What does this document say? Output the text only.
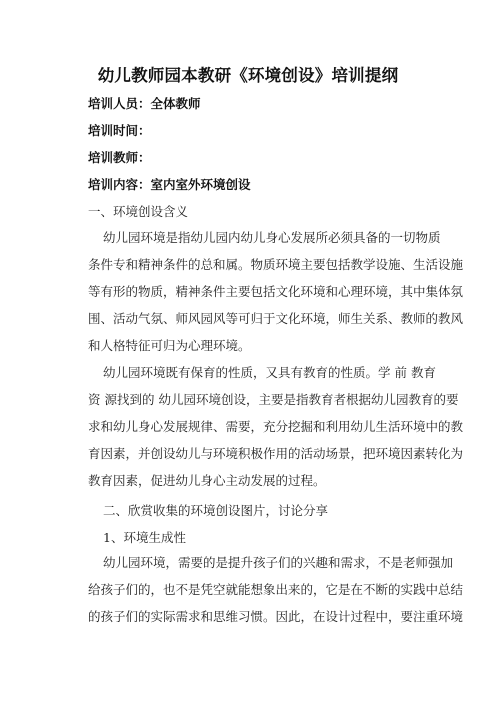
幼儿教师园本教研《环境创设》培训提纲
培训人员：全体教师
培训时间：
培训教师：
培训内容：室内室外环境创设
一、环境创设含义
幼儿园环境是指幼儿园内幼儿身心发展所必须具备的一切物质
条件专和精神条件的总和属。物质环境主要包括教学设施、生活设施
等有形的物质，精神条件主要包括文化环境和心理环境，其中集体氛
围、活动气氛、师风园风等可归于文化环境，师生关系、教师的教风
和人格特征可归为心理环境。
幼儿园环境既有保育的性质，又具有教育的性质。学 前 教育
资 源找到的 幼儿园环境创设，主要是指教育者根据幼儿园教育的要
求和幼儿身心发展规律、需要，充分挖掘和利用幼儿生活环境中的教
育因素，并创设幼儿与环境积极作用的活动场景，把环境因素转化为
教育因素，促进幼儿身心主动发展的过程。
二、欣赏收集的环境创设图片，讨论分享
1、环境生成性
幼儿园环境，需要的是提升孩子们的兴趣和需求，不是老师强加
给孩子们的，也不是凭空就能想象出来的，它是在不断的实践中总结
的孩子们的实际需求和思维习惯。因此，在设计过程中，要注重环境
